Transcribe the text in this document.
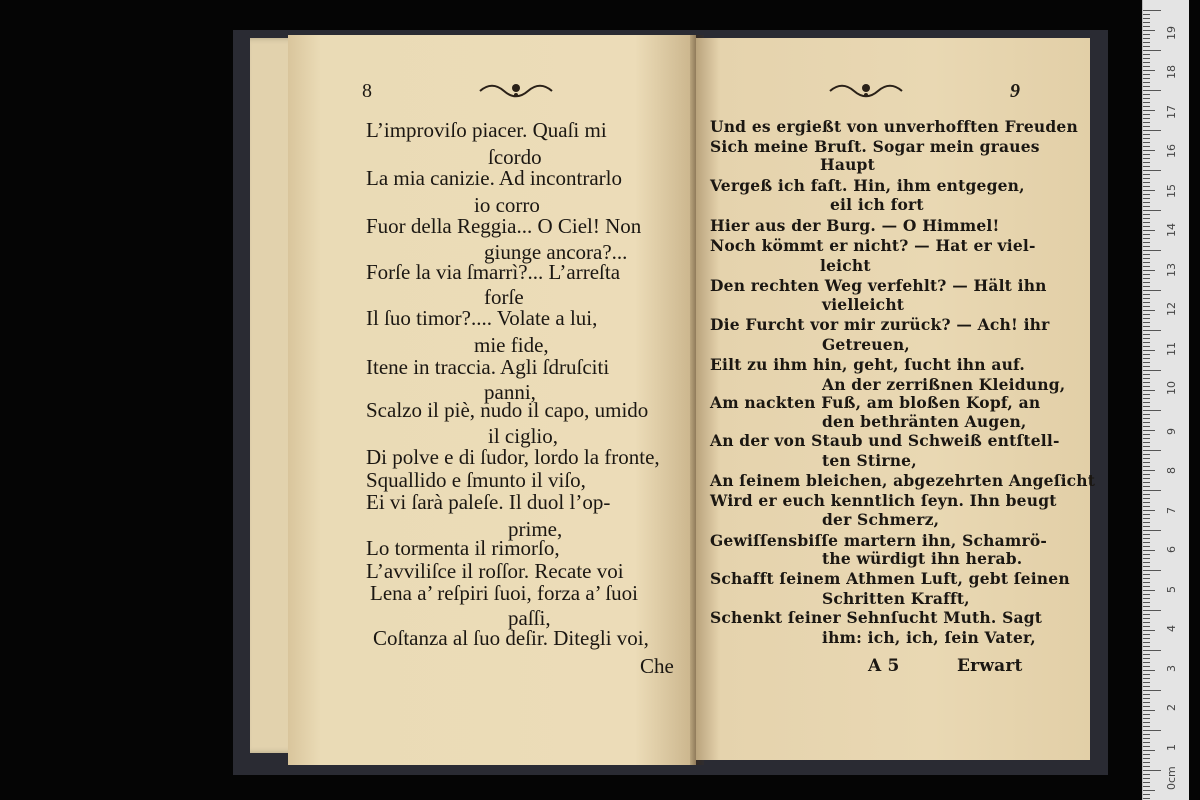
8
L’improviſo piacer. Quaſi mi
ſcordo
La mia canizie. Ad incontrarlo
io corro
Fuor della Reggia... O Ciel! Non
giunge ancora?...
Forſe la via ſmarrì?... L’arreſta
forſe
Il ſuo timor?.... Volate a lui,
mie fide,
Itene in traccia. Agli ſdruſciti
panni,
Scalzo il piè, nudo il capo, umido
il ciglio,
Di polve e di ſudor, lordo la fronte,
Squallido e ſmunto il viſo,
Ei vi ſarà paleſe. Il duol l’op-
prime,
Lo tormenta il rimorſo,
L’avviliſce il roſſor. Recate voi
Lena a’ reſpiri ſuoi, forza a’ ſuoi
paſſi,
Coſtanza al ſuo deſir. Ditegli voi,
Che
9
Und es ergießt von unverhofften Freuden
Sich meine Bruſt. Sogar mein graues
Haupt
Vergeß ich faſt. Hin, ihm entgegen,
eil ich fort
Hier aus der Burg. — O Himmel!
Noch kömmt er nicht? — Hat er viel-
leicht
Den rechten Weg verfehlt? — Hält ihn
vielleicht
Die Furcht vor mir zurück? — Ach! ihr
Getreuen,
Eilt zu ihm hin, geht, ſucht ihn auf.
An der zerrißnen Kleidung,
Am nackten Fuß, am bloßen Kopf, an
den bethränten Augen,
An der von Staub und Schweiß entſtell-
ten Stirne,
An ſeinem bleichen, abgezehrten Angeſicht
Wird er euch kenntlich ſeyn. Ihn beugt
der Schmerz,
Gewiſſensbiſſe martern ihn, Schamrö-
the würdigt ihn herab.
Schafft ſeinem Athmen Luft, gebt ſeinen
Schritten Krafft,
Schenkt ſeiner Sehnſucht Muth. Sagt
ihm: ich, ich, ſein Vater,
A 5	Erwart
0cm
1
2
3
4
5
6
7
8
9
10
11
12
13
14
15
16
17
18
19
